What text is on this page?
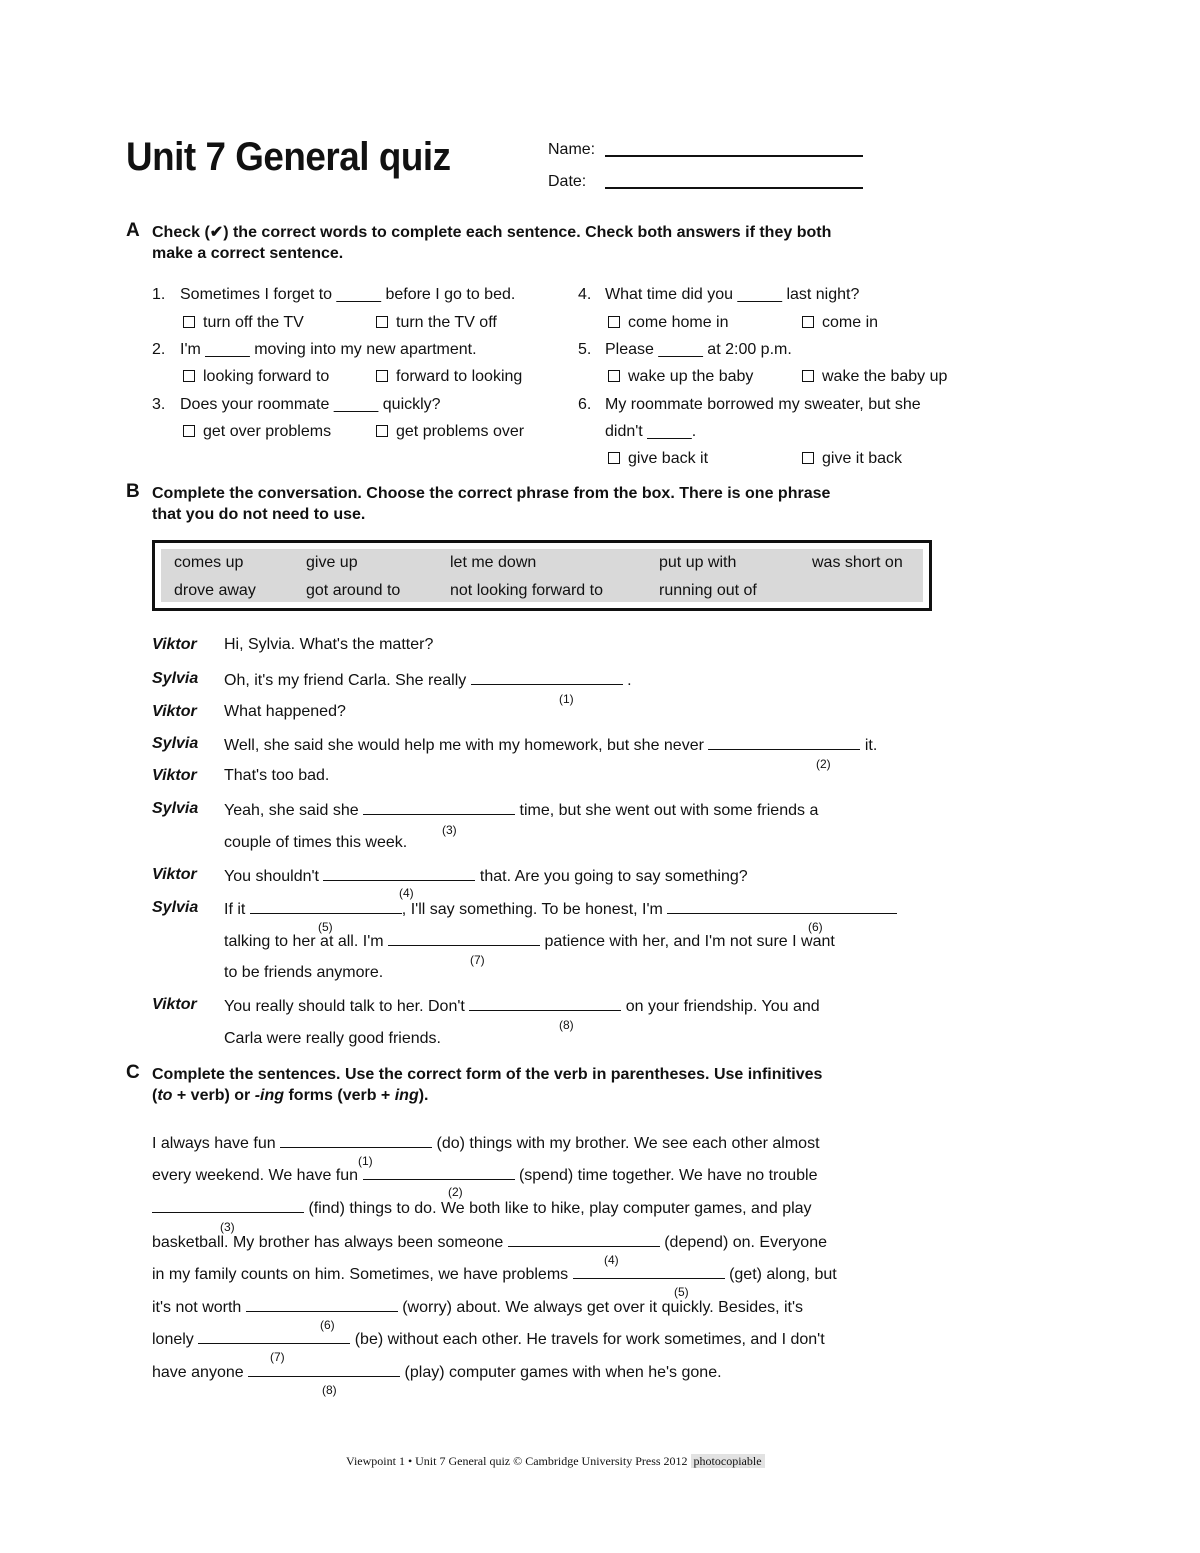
Unit 7 General quiz	Name:
Date:
A Check (✔) the correct words to complete each sentence. Check both answers if they both
make a correct sentence.
1. Sometimes I forget to _____ before I go to bed.
turn off the TV	turn the TV off
2. I'm _____ moving into my new apartment.
looking forward to	forward to looking
3. Does your roommate _____ quickly?
get over problems	get problems over
4. What time did you _____ last night?
come home in	come in
5. Please _____ at 2:00 p.m.
wake up the baby	wake the baby up
6. My roommate borrowed my sweater, but she
didn't _____.
give back it	give it back
B Complete the conversation. Choose the correct phrase from the box. There is one phrase
that you do not need to use.
comes up	give up	let me down	put up with	was short on
drove away	got around to	not looking forward to	running out of
Viktor Hi, Sylvia. What's the matter?
Sylvia Oh, it's my friend Carla. She really	.
(1)
Viktor What happened?
Sylvia Well, she said she would help me with my homework, but she never	it.
(2)
Viktor That's too bad.
Sylvia Yeah, she said she	time, but she went out with some friends a
couple of times this week.
(3)
Viktor You shouldn't	that. Are you going to say something?
(4)
Sylvia If it	, I'll say something. To be honest, I'm
(5)	(6)
talking to her at all. I'm	patience with her, and I'm not sure I want
(7)
to be friends anymore.
Viktor You really should talk to her. Don't	on your friendship. You and
(8)
Carla were really good friends.
C Complete the sentences. Use the correct form of the verb in parentheses. Use infinitives
(to + verb) or -ing forms (verb + ing).
I always have fun	(do) things with my brother. We see each other almost
(1)
every weekend. We have fun	(spend) time together. We have no trouble
(2)
(find) things to do. We both like to hike, play computer games, and play
(3)
basketball. My brother has always been someone	(depend) on. Everyone
(4)
in my family counts on him. Sometimes, we have problems	(get) along, but
(5)
it's not worth	(worry) about. We always get over it quickly. Besides, it's
(6)
lonely	(be) without each other. He travels for work sometimes, and I don't
(7)
have anyone	(play) computer games with when he's gone.
(8)
Viewpoint 1 • Unit 7 General quiz © Cambridge University Press 2012 photocopiable
